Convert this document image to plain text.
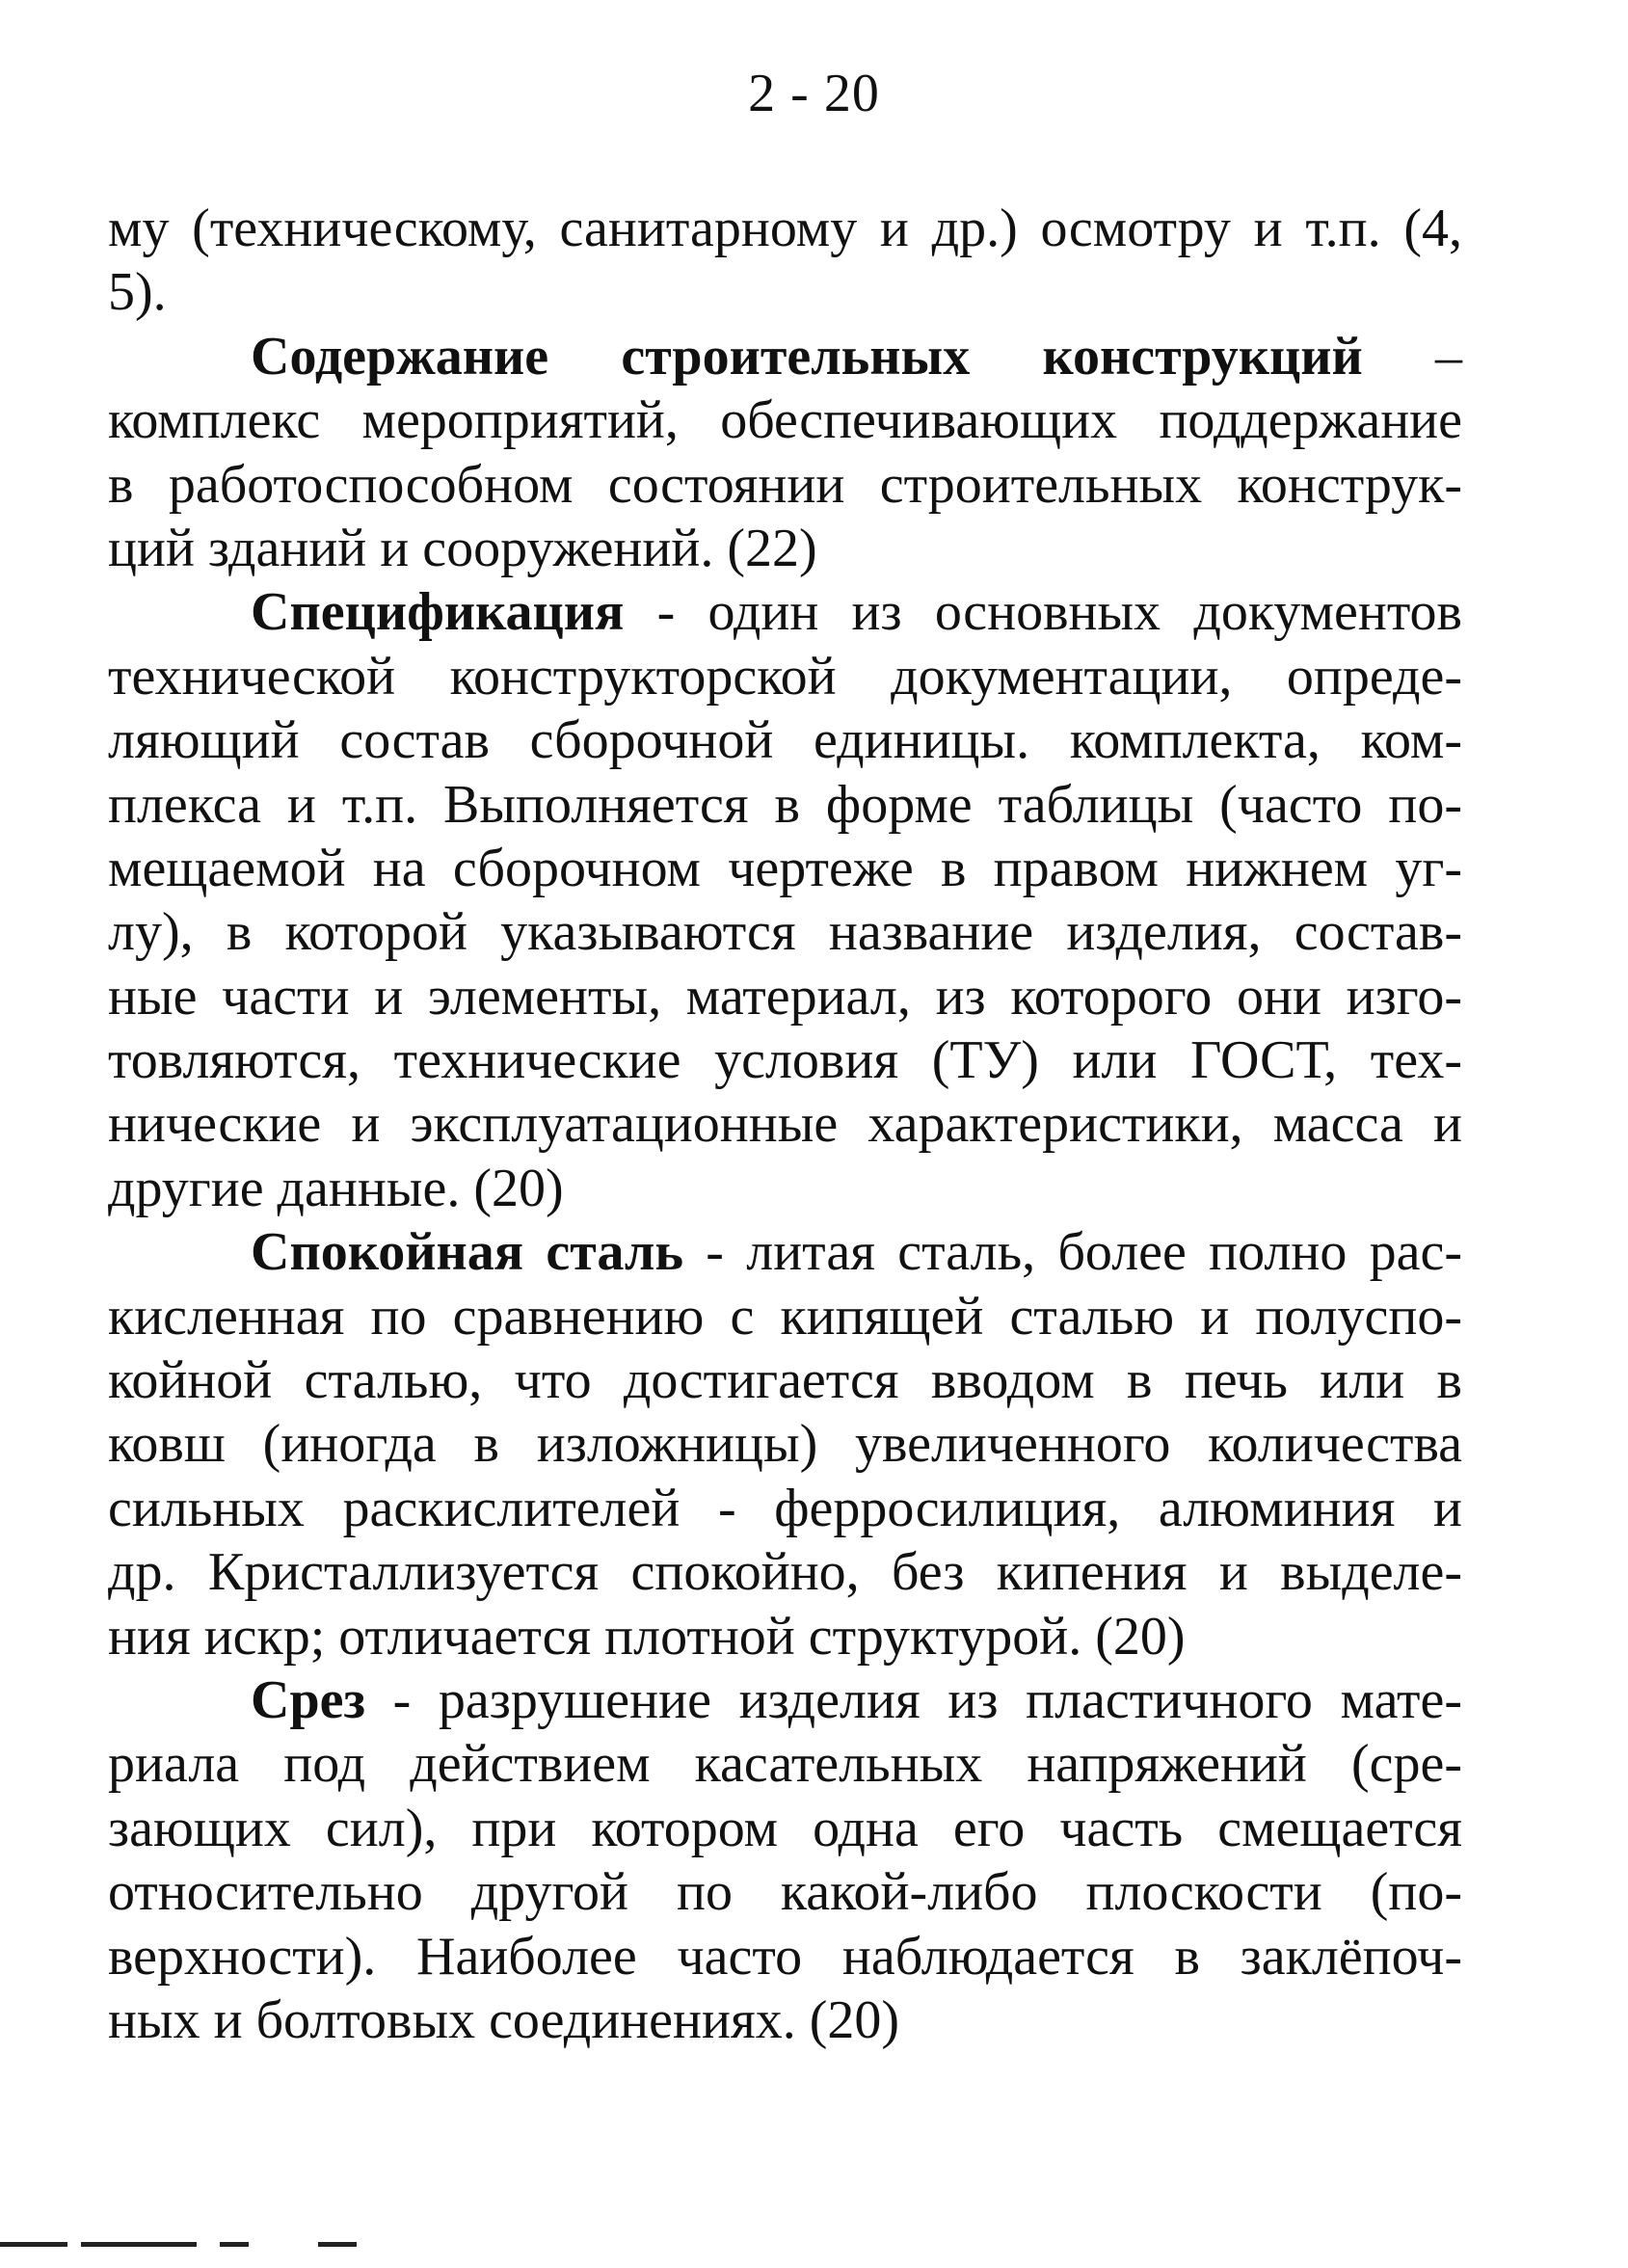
2 - 20
му (техническому, санитарному и др.) осмотру и т.п. (4,
5).
Содержание строительных конструкций –
комплекс мероприятий, обеспечивающих поддержание
в работоспособном состоянии строительных конструк-
ций зданий и сооружений. (22)
Спецификация - один из основных документов
технической конструкторской документации, опреде-
ляющий состав сборочной единицы. комплекта, ком-
плекса и т.п. Выполняется в форме таблицы (часто по-
мещаемой на сборочном чертеже в правом нижнем уг-
лу), в которой указываются название изделия, состав-
ные части и элементы, материал, из которого они изго-
товляются, технические условия (ТУ) или ГОСТ, тех-
нические и эксплуатационные характеристики, масса и
другие данные. (20)
Спокойная сталь - литая сталь, более полно рас-
кисленная по сравнению с кипящей сталью и полуспо-
койной сталью, что достигается вводом в печь или в
ковш (иногда в изложницы) увеличенного количества
сильных раскислителей - ферросилиция, алюминия и
др. Кристаллизуется спокойно, без кипения и выделе-
ния искр; отличается плотной структурой. (20)
Срез - разрушение изделия из пластичного мате-
риала под действием касательных напряжений (сре-
зающих сил), при котором одна его часть смещается
относительно другой по какой-либо плоскости (по-
верхности). Наиболее часто наблюдается в заклёпоч-
ных и болтовых соединениях. (20)
